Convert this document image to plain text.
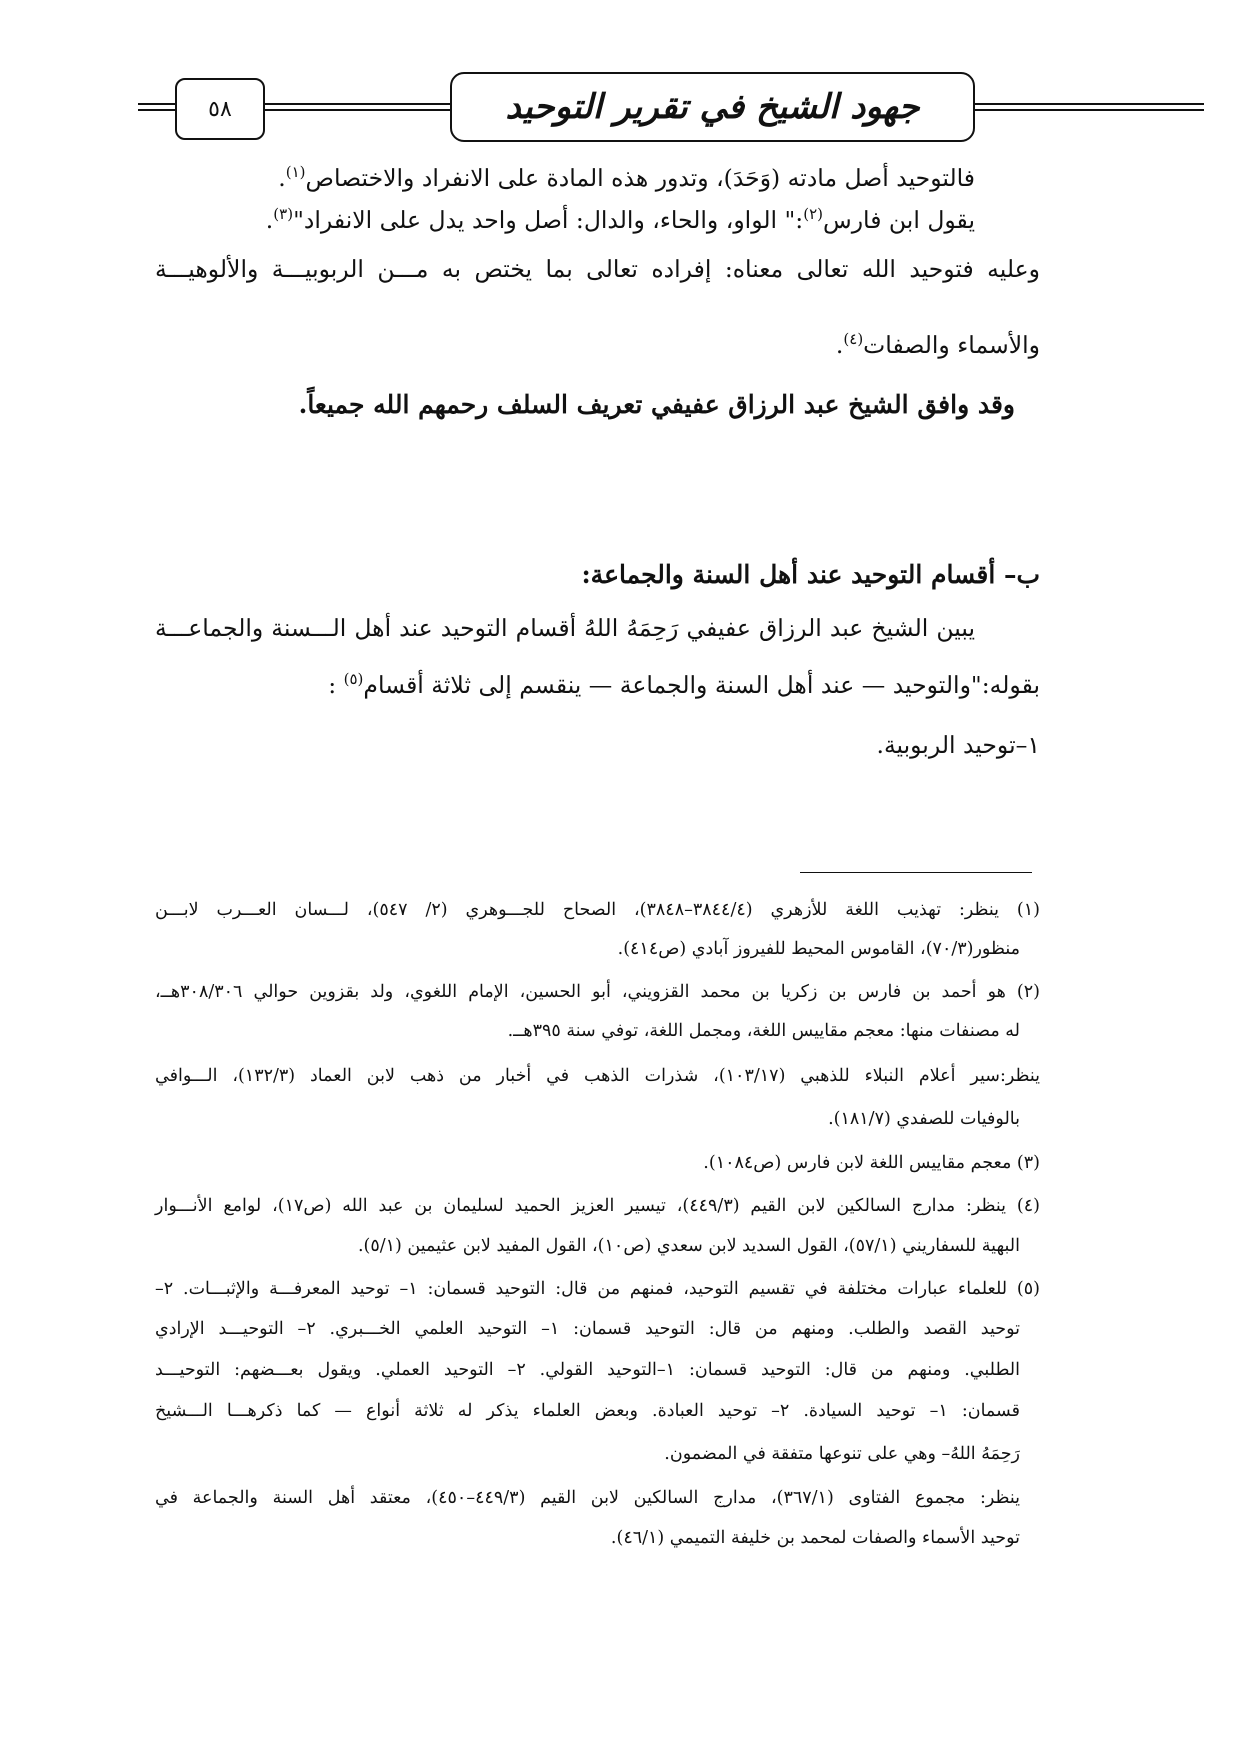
٥٨	جهود الشيخ في تقرير التوحيد
فالتوحيد أصل مادته (وَحَدَ)، وتدور هذه المادة على الانفراد والاختصاص$^{(١)}$.
يقول ابن فارس$^{(٢)}$:" الواو، والحاء، والدال: أصل واحد يدل على الانفراد"$^{(٣)}$.
وعليه فتوحيد الله تعالى معناه: إفراده تعالى بما يختص به مـــن الربوبيـــة والألوهيـــة
والأسماء والصفات$^{(٤)}$.
وقد وافق الشيخ عبد الرزاق عفيفي تعريف السلف رحمهم الله جميعاً.
ب– أقسام التوحيد عند أهل السنة والجماعة:
يبين الشيخ عبد الرزاق عفيفي رَحِمَهُ اللهُ أقسام التوحيد عند أهل الـــسنة والجماعـــة
بقوله:"والتوحيد — عند أهل السنة والجماعة — ينقسم إلى ثلاثة أقسام$^{(٥)}$ :
١–توحيد الربوبية.
(١) ينظر: تهذيب اللغة للأزهري (٣٨٤٤/٤–٣٨٤٨)، الصحاح للجـــوهري (٢/ ٥٤٧)، لـــسان العـــرب لابـــن
منظور(٧٠/٣)، القاموس المحيط للفيروز آبادي (ص٤١٤).
(٢) هو أحمد بن فارس بن زكريا بن محمد القزويني، أبو الحسين، الإمام اللغوي، ولد بقزوين حوالي ٣٠٨/٣٠٦هــ،
له مصنفات منها: معجم مقاييس اللغة، ومجمل اللغة، توفي سنة ٣٩٥هــ.
ينظر:سير أعلام النبلاء للذهبي (١٠٣/١٧)، شذرات الذهب في أخبار من ذهب لابن العماد (١٣٢/٣)، الـــوافي
بالوفيات للصفدي (١٨١/٧).
(٣) معجم مقاييس اللغة لابن فارس (ص١٠٨٤).
(٤) ينظر: مدارج السالكين لابن القيم (٤٤٩/٣)، تيسير العزيز الحميد لسليمان بن عبد الله (ص١٧)، لوامع الأنـــوار
البهية للسفاريني (٥٧/١)، القول السديد لابن سعدي (ص١٠)، القول المفيد لابن عثيمين (٥/١).
(٥) للعلماء عبارات مختلفة في تقسيم التوحيد، فمنهم من قال: التوحيد قسمان: ١– توحيد المعرفـــة والإثبـــات. ٢–
توحيد القصد والطلب. ومنهم من قال: التوحيد قسمان: ١– التوحيد العلمي الخـــبري. ٢– التوحيـــد الإرادي
الطلبي. ومنهم من قال: التوحيد قسمان: ١–التوحيد القولي. ٢– التوحيد العملي. ويقول بعـــضهم: التوحيـــد
قسمان: ١– توحيد السيادة. ٢– توحيد العبادة. وبعض العلماء يذكر له ثلاثة أنواع — كما ذكرهـــا الـــشيخ
رَحِمَهُ اللهُ– وهي على تنوعها متفقة في المضمون.
ينظر: مجموع الفتاوى (٣٦٧/١)، مدارج السالكين لابن القيم (٤٤٩/٣–٤٥٠)، معتقد أهل السنة والجماعة في
توحيد الأسماء والصفات لمحمد بن خليفة التميمي (٤٦/١).
